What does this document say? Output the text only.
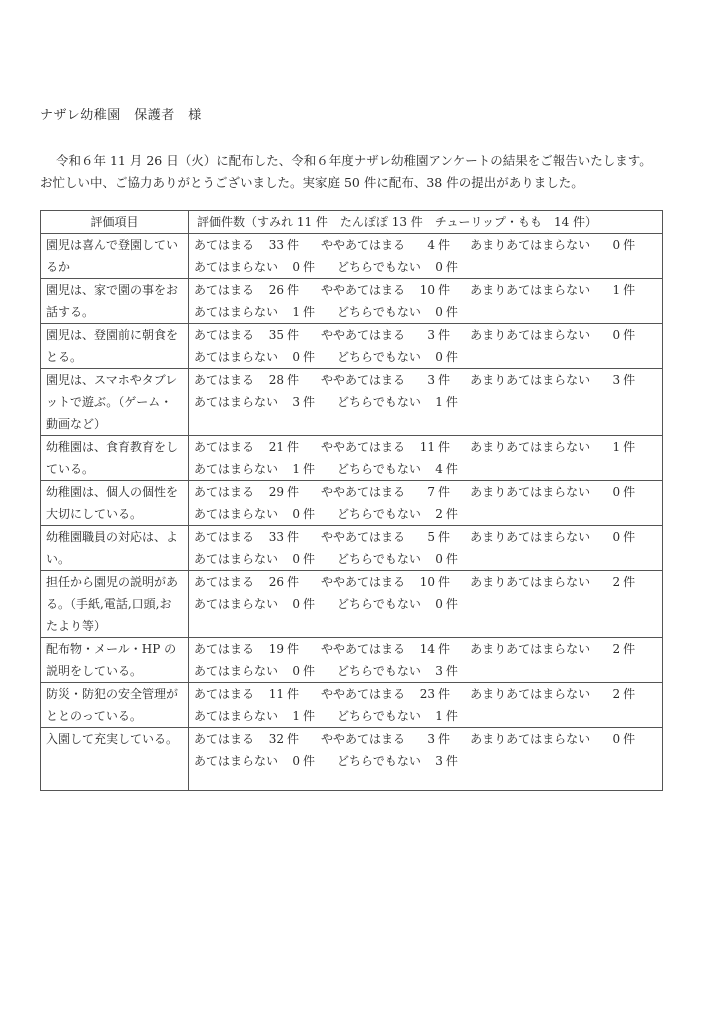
ナザレ幼稚園　保護者　様

令和６年 11 月 26 日（火）に配布した、令和６年度ナザレ幼稚園アンケートの結果をご報告いたします。

お忙しい中、ご協力ありがとうございました。実家庭 50 件に配布、38 件の提出がありました。

評価項目	評価件数（すみれ 11 件　たんぽぽ 13 件　チューリップ・もも　14 件）
園児は喜んで登園しているか	あてはまる 33 件 ややあてはまる 4 件 あまりあてはまらない 0 件
あてはまらない 0 件 どちらでもない 0 件

園児は、家で園の事をお話する。	あてはまる 26 件 ややあてはまる 10 件 あまりあてはまらない 1 件
あてはまらない 1 件 どちらでもない 0 件

園児は、登園前に朝食をとる。	あてはまる 35 件 ややあてはまる 3 件 あまりあてはまらない 0 件
あてはまらない 0 件 どちらでもない 0 件

園児は、スマホやタブレットで遊ぶ。（ゲーム・動画など）	あてはまる 28 件 ややあてはまる 3 件 あまりあてはまらない 3 件
あてはまらない 3 件 どちらでもない 1 件

幼稚園は、食育教育をしている。	あてはまる 21 件 ややあてはまる 11 件 あまりあてはまらない 1 件
あてはまらない 1 件 どちらでもない 4 件

幼稚園は、個人の個性を大切にしている。	あてはまる 29 件 ややあてはまる 7 件 あまりあてはまらない 0 件
あてはまらない 0 件 どちらでもない 2 件

幼稚園職員の対応は、よい。	あてはまる 33 件 ややあてはまる 5 件 あまりあてはまらない 0 件
あてはまらない 0 件 どちらでもない 0 件

担任から園児の説明がある。（手紙,電話,口頭,おたより等）	あてはまる 26 件 ややあてはまる 10 件 あまりあてはまらない 2 件
あてはまらない 0 件 どちらでもない 0 件

配布物・メール・HP の説明をしている。	あてはまる 19 件 ややあてはまる 14 件 あまりあてはまらない 2 件
あてはまらない 0 件 どちらでもない 3 件

防災・防犯の安全管理がととのっている。	あてはまる 11 件 ややあてはまる 23 件 あまりあてはまらない 2 件
あてはまらない 1 件 どちらでもない 1 件

入園して充実している。	あてはまる 32 件 ややあてはまる 3 件 あまりあてはまらない 0 件
あてはまらない 0 件 どちらでもない 3 件
